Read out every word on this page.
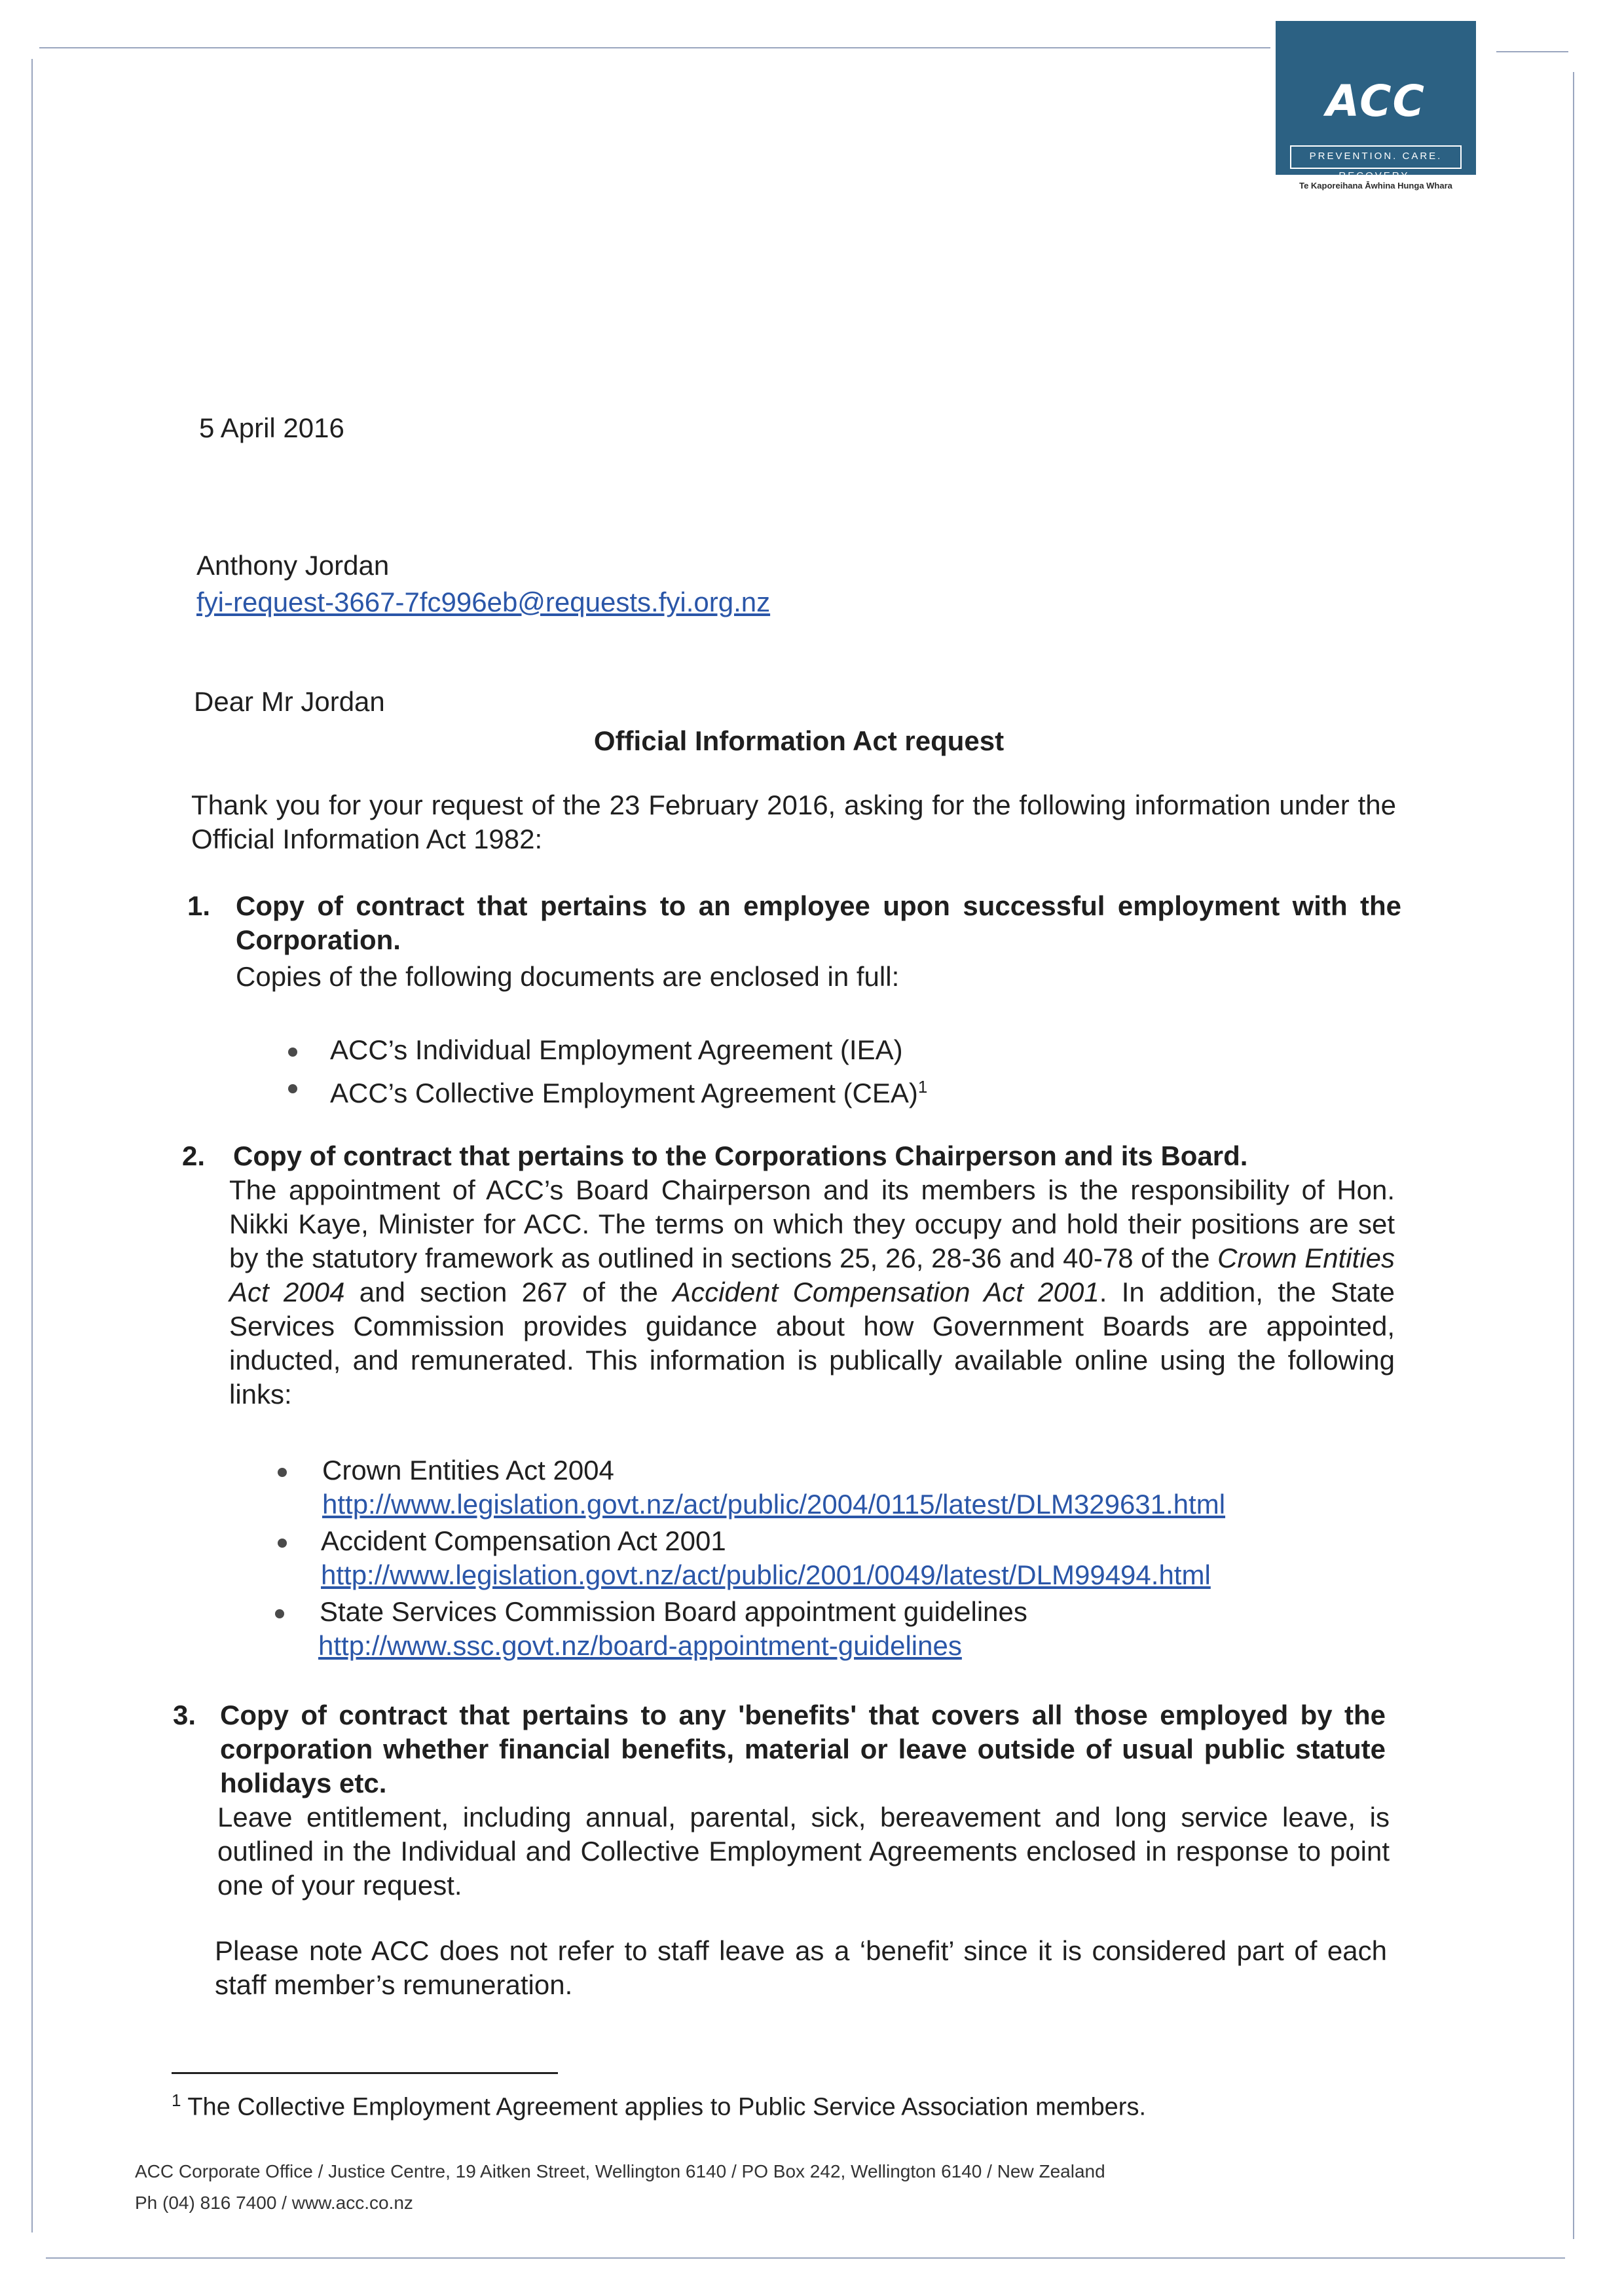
ACC
PREVENTION. CARE. RECOVERY.
Te Kaporeihana Āwhina Hunga Whara
5 April 2016
Anthony Jordan
fyi-request-3667-7fc996eb@requests.fyi.org.nz
Dear Mr Jordan
Official Information Act request
Thank you for your request of the 23 February 2016, asking for the following information under the Official Information Act 1982:
1. Copy of contract that pertains to an employee upon successful employment with the Corporation.
Copies of the following documents are enclosed in full:
ACC’s Individual Employment Agreement (IEA)
ACC’s Collective Employment Agreement (CEA)$^1$
2. Copy of contract that pertains to the Corporations Chairperson and its Board.
The appointment of ACC’s Board Chairperson and its members is the responsibility of Hon. Nikki Kaye, Minister for ACC. The terms on which they occupy and hold their positions are set by the statutory framework as outlined in sections 25, 26, 28-36 and 40-78 of the Crown Entities Act 2004 and section 267 of the Accident Compensation Act 2001. In addition, the State Services Commission provides guidance about how Government Boards are appointed, inducted, and remunerated. This information is publically available online using the following links:
Crown Entities Act 2004
http://www.legislation.govt.nz/act/public/2004/0115/latest/DLM329631.html
Accident Compensation Act 2001
http://www.legislation.govt.nz/act/public/2001/0049/latest/DLM99494.html
State Services Commission Board appointment guidelines
http://www.ssc.govt.nz/board-appointment-guidelines
3. Copy of contract that pertains to any 'benefits' that covers all those employed by the corporation whether financial benefits, material or leave outside of usual public statute holidays etc.
Leave entitlement, including annual, parental, sick, bereavement and long service leave, is outlined in the Individual and Collective Employment Agreements enclosed in response to point one of your request.
Please note ACC does not refer to staff leave as a ‘benefit’ since it is considered part of each staff member’s remuneration.
$^1$ The Collective Employment Agreement applies to Public Service Association members.
ACC Corporate Office / Justice Centre, 19 Aitken Street, Wellington 6140 / PO Box 242, Wellington 6140 / New Zealand
Ph (04) 816 7400 / www.acc.co.nz
